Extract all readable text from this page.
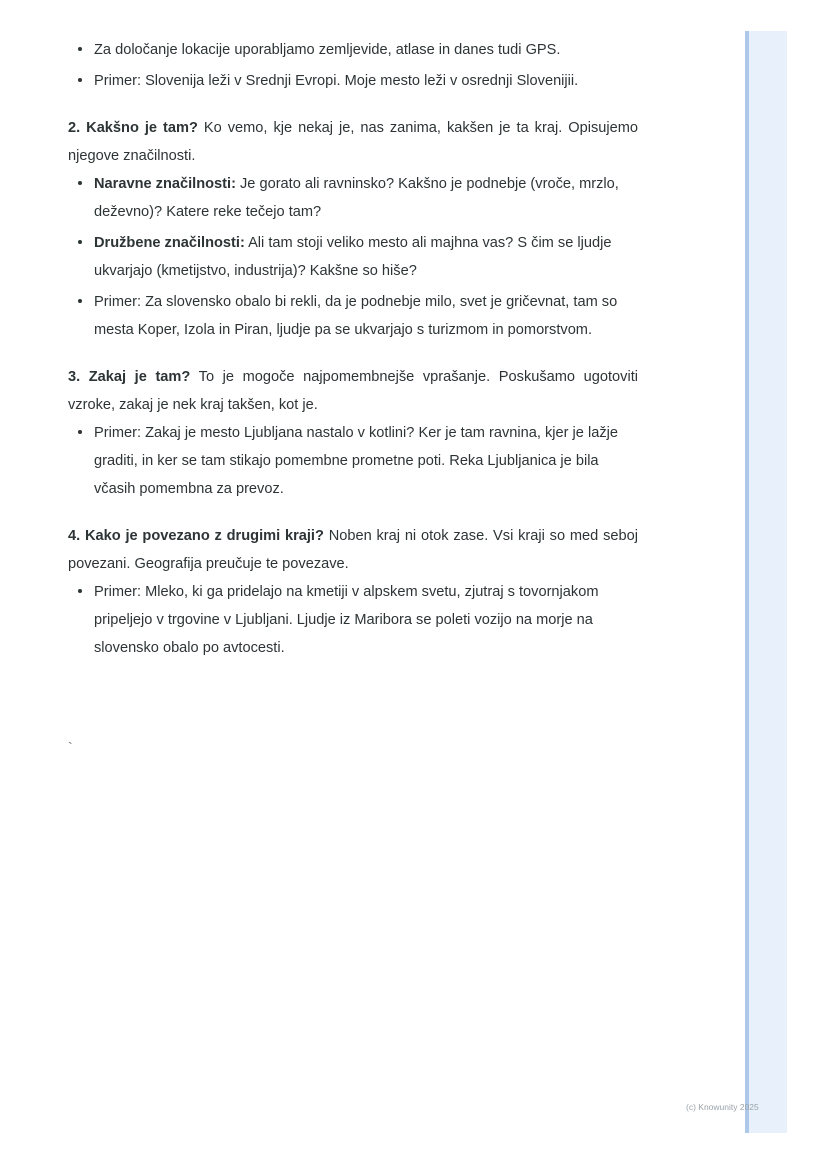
Za določanje lokacije uporabljamo zemljevide, atlase in danes tudi GPS.
Primer: Slovenija leži v Srednji Evropi. Moje mesto leži v osrednji Slovenijii.

2. Kakšno je tam? Ko vemo, kje nekaj je, nas zanima, kakšen je ta kraj. Opisujemo njegove značilnosti.

Naravne značilnosti: Je gorato ali ravninsko? Kakšno je podnebje (vroče, mrzlo, deževno)? Katere reke tečejo tam?
Družbene značilnosti: Ali tam stoji veliko mesto ali majhna vas? S čim se ljudje ukvarjajo (kmetijstvo, industrija)? Kakšne so hiše?
Primer: Za slovensko obalo bi rekli, da je podnebje milo, svet je gričevnat, tam so mesta Koper, Izola in Piran, ljudje pa se ukvarjajo s turizmom in pomorstvom.

3. Zakaj je tam? To je mogoče najpomembnejše vprašanje. Poskušamo ugotoviti vzroke, zakaj je nek kraj takšen, kot je.

Primer: Zakaj je mesto Ljubljana nastalo v kotlini? Ker je tam ravnina, kjer je lažje graditi, in ker se tam stikajo pomembne prometne poti. Reka Ljubljanica je bila včasih pomembna za prevoz.

4. Kako je povezano z drugimi kraji? Noben kraj ni otok zase. Vsi kraji so med seboj povezani. Geografija preučuje te povezave.

Primer: Mleko, ki ga pridelajo na kmetiji v alpskem svetu, zjutraj s tovornjakom pripeljejo v trgovine v Ljubljani. Ljudje iz Maribora se poleti vozijo na morje na slovensko obalo po avtocesti.
`
(c) Knowunity 2025
